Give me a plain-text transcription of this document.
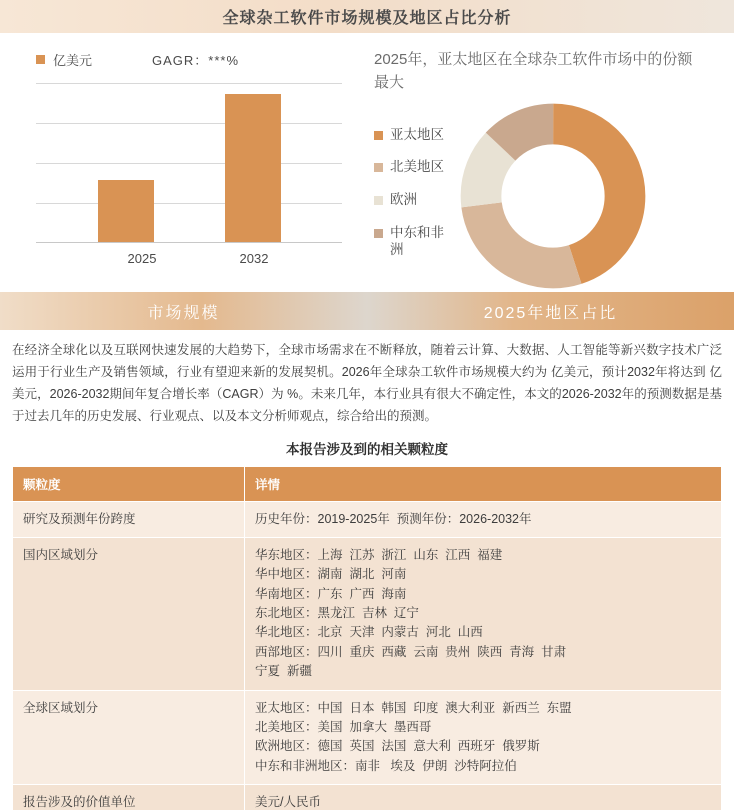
全球杂工软件市场规模及地区占比分析
亿美元	GAGR：***%
2025	2032
2025年，亚太地区在全球杂工软件市场中的份额最大
亚太地区
北美地区
欧洲
中东和非洲
市场规模	2025年地区占比
在经济全球化以及互联网快速发展的大趋势下，全球市场需求在不断释放，随着云计算、大数据、人工智能等新兴数字技术广泛运用于行业生产及销售领域，行业有望迎来新的发展契机。2026年全球杂工软件市场规模大约为 亿美元，预计2032年将达到 亿美元，2026-2032期间年复合增长率（CAGR）为 %。未来几年，本行业具有很大不确定性，本文的2026-2032年的预测数据是基于过去几年的历史发展、行业观点、以及本文分析师观点，综合给出的预测。
本报告涉及到的相关颗粒度
颗粒度	详情
研究及预测年份跨度	历史年份：2019-2025年  预测年份：2026-2032年

国内区域划分	华东地区：上海  江苏  浙江  山东  江西  福建
华中地区：湖南  湖北  河南
华南地区：广东  广西  海南
东北地区：黑龙江  吉林  辽宁
华北地区：北京  天津  内蒙古  河北  山西
西部地区：四川  重庆  西藏  云南  贵州  陕西  青海  甘肃
宁夏  新疆

全球区域划分	亚太地区：中国  日本  韩国  印度  澳大利亚  新西兰  东盟
北美地区：美国  加拿大  墨西哥
欧洲地区：德国  英国  法国  意大利  西班牙  俄罗斯
中东和非洲地区：南非   埃及  伊朗  沙特阿拉伯

报告涉及的价值单位	美元/人民币
